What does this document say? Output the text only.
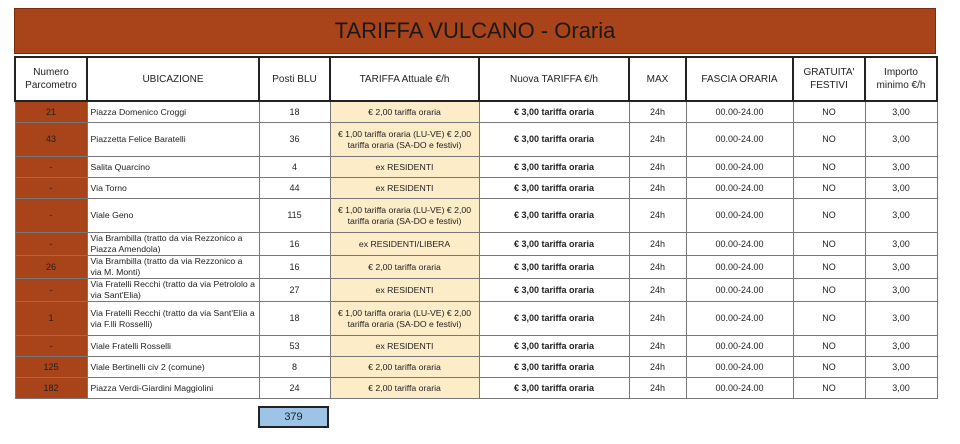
TARIFFA VULCANO - Oraria
Numero Parcometro	UBICAZIONE	Posti BLU	TARIFFA Attuale €/h	Nuova TARIFFA €/h	MAX	FASCIA ORARIA	GRATUITA' FESTIVI	Importo minimo €/h
21	Piazza Domenico Croggi	18	€ 2,00 tariffa oraria	€ 3,00 tariffa oraria	24h	00.00-24.00	NO	3,00
43	Piazzetta Felice Baratelli	36	€ 1,00 tariffa oraria (LU-VE) € 2,00 tariffa oraria (SA-DO e festivi)	€ 3,00 tariffa oraria	24h	00.00-24.00	NO	3,00
-	Salita Quarcino	4	ex RESIDENTI	€ 3,00 tariffa oraria	24h	00.00-24.00	NO	3,00
-	Via Torno	44	ex RESIDENTI	€ 3,00 tariffa oraria	24h	00.00-24.00	NO	3,00
-	Viale Geno	115	€ 1,00 tariffa oraria (LU-VE) € 2,00 tariffa oraria (SA-DO e festivi)	€ 3,00 tariffa oraria	24h	00.00-24.00	NO	3,00
-	Via Brambilla (tratto da via Rezzonico a Piazza Amendola)	16	ex RESIDENTI/LIBERA	€ 3,00 tariffa oraria	24h	00.00-24.00	NO	3,00
26	Via Brambilla (tratto da via Rezzonico a via M. Monti)	16	€ 2,00 tariffa oraria	€ 3,00 tariffa oraria	24h	00.00-24.00	NO	3,00
-	Via Fratelli Recchi (tratto da via Petrololo a via Sant'Elia)	27	ex RESIDENTI	€ 3,00 tariffa oraria	24h	00.00-24.00	NO	3,00
1	Via Fratelli Recchi (tratto da via Sant'Elia a via F.lli Rosselli)	18	€ 1,00 tariffa oraria (LU-VE) € 2,00 tariffa oraria (SA-DO e festivi)	€ 3,00 tariffa oraria	24h	00.00-24.00	NO	3,00
-	Viale Fratelli Rosselli	53	ex RESIDENTI	€ 3,00 tariffa oraria	24h	00.00-24.00	NO	3,00
125	Viale Bertinelli civ 2 (comune)	8	€ 2,00 tariffa oraria	€ 3,00 tariffa oraria	24h	00.00-24.00	NO	3,00
182	Piazza Verdi-Giardini Maggiolini	24	€ 2,00 tariffa oraria	€ 3,00 tariffa oraria	24h	00.00-24.00	NO	3,00
379
